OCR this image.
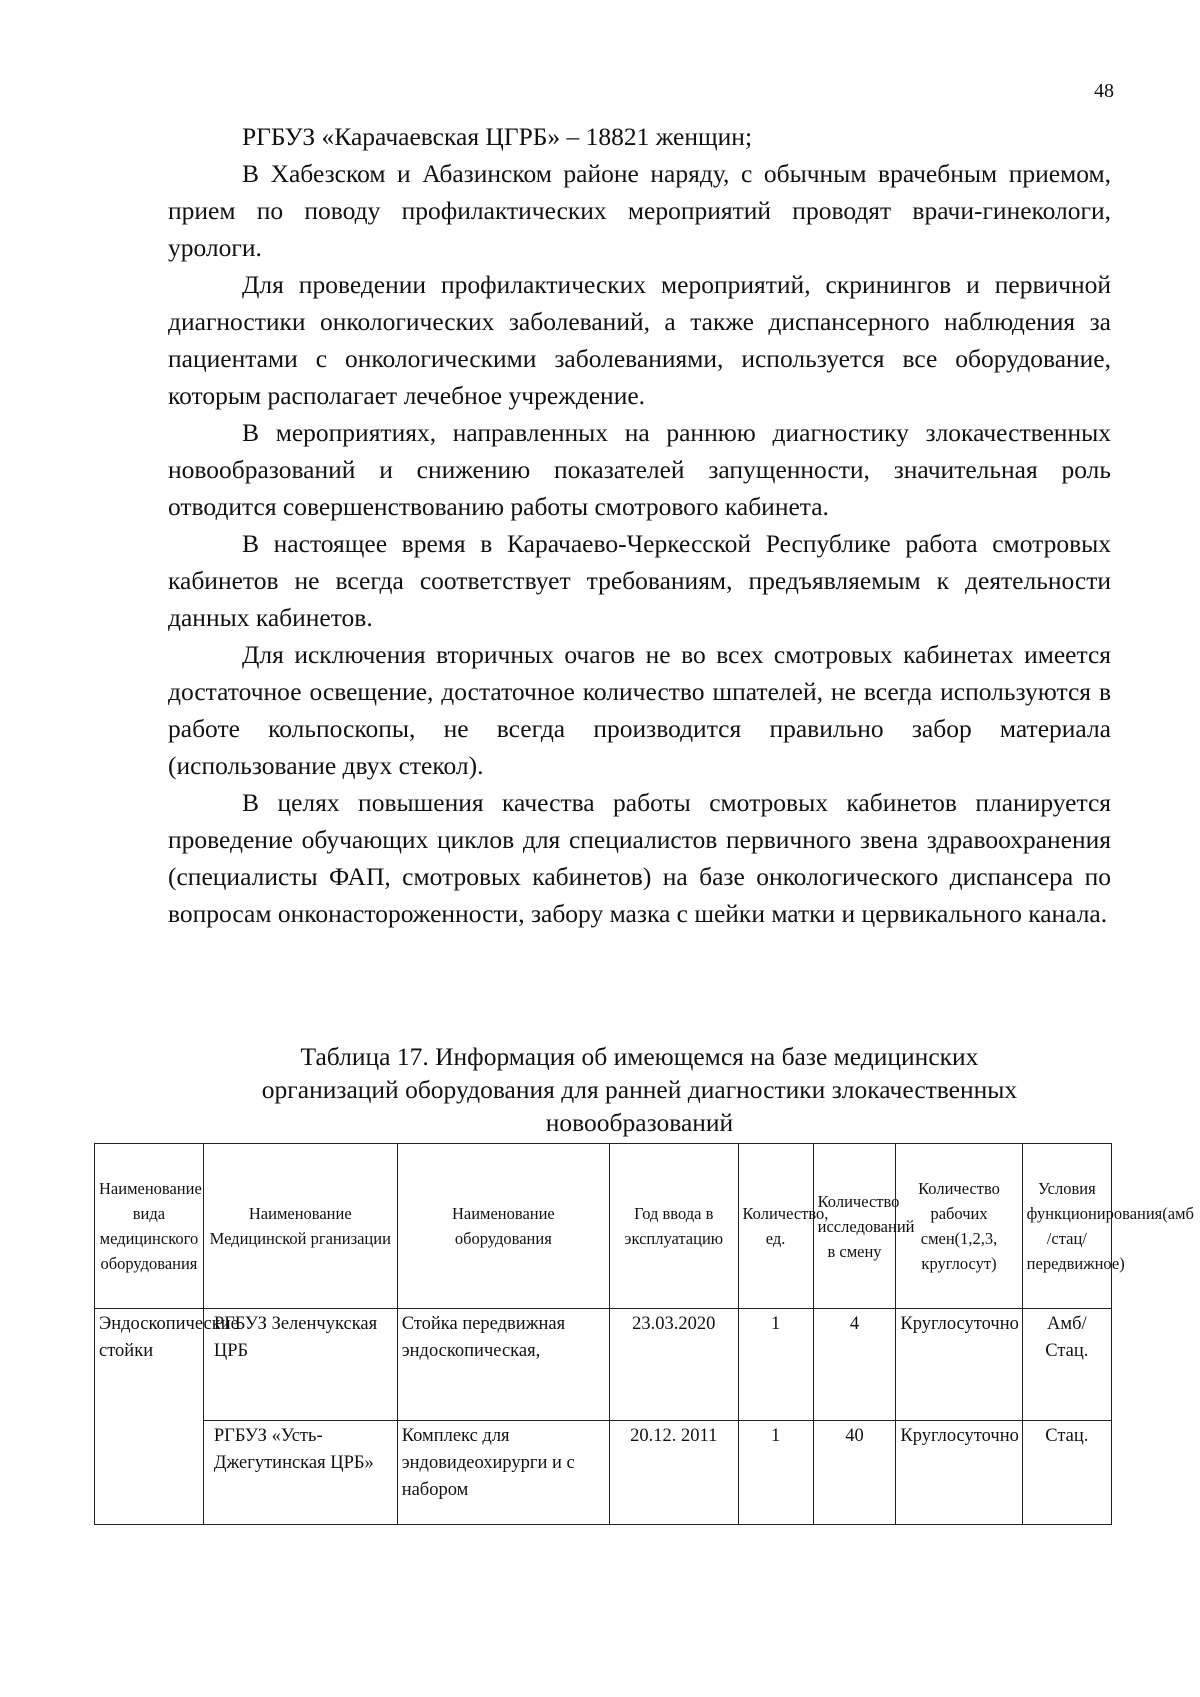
48

РГБУЗ «Карачаевская ЦГРБ» – 18821 женщин;

В Хабезском и Абазинском районе наряду, с обычным врачебным приемом, прием по поводу профилактических мероприятий проводят врачи-гинекологи, урологи.

Для проведении профилактических мероприятий, скринингов и первичной диагностики онкологических заболеваний, а также диспансерного наблюдения за пациентами с онкологическими заболеваниями, используется все оборудование, которым располагает лечебное учреждение.

В мероприятиях, направленных на раннюю диагностику злокачественных новообразований и снижению показателей запущенности, значительная роль отводится совершенствованию работы смотрового кабинета.

В настоящее время в Карачаево-Черкесской Республике работа смотровых кабинетов не всегда соответствует требованиям, предъявляемым к деятельности данных кабинетов.

Для исключения вторичных очагов не во всех смотровых кабинетах имеется достаточное освещение, достаточное количество шпателей, не всегда используются в работе кольпоскопы, не всегда производится правильно забор материала (использование двух стекол).

В целях повышения качества работы смотровых кабинетов планируется проведение обучающих циклов для специалистов первичного звена здравоохранения (специалисты ФАП, смотровых кабинетов) на базе онкологического диспансера по вопросам онконастороженности, забору мазка с шейки матки и цервикального канала.

Таблица 17. Информация об имеющемся на базе медицинских
организаций оборудования для ранней диагностики злокачественных
новообразований
Наименование вида медицинского оборудования	Наименование Медицинской рганизации	Наименование оборудования	Год ввода в эксплуатацию	Количество, ед.	Количество исследований в смену	Количество рабочих смен(1,2,3, круглосут)	Условия функционирования(амб /стац/передвижное)
Эндоскопические стойки	РГБУЗ Зеленчукская ЦРБ	Стойка передвижная эндоскопическая,	23.03.2020	1	4	Круглосуточно	Амб/Стац.
	РГБУЗ «Усть-Джегутинская ЦРБ»	Комплекс для эндовидеохирурги и с набором	20.12. 2011	1	40	Круглосуточно	Стац.
